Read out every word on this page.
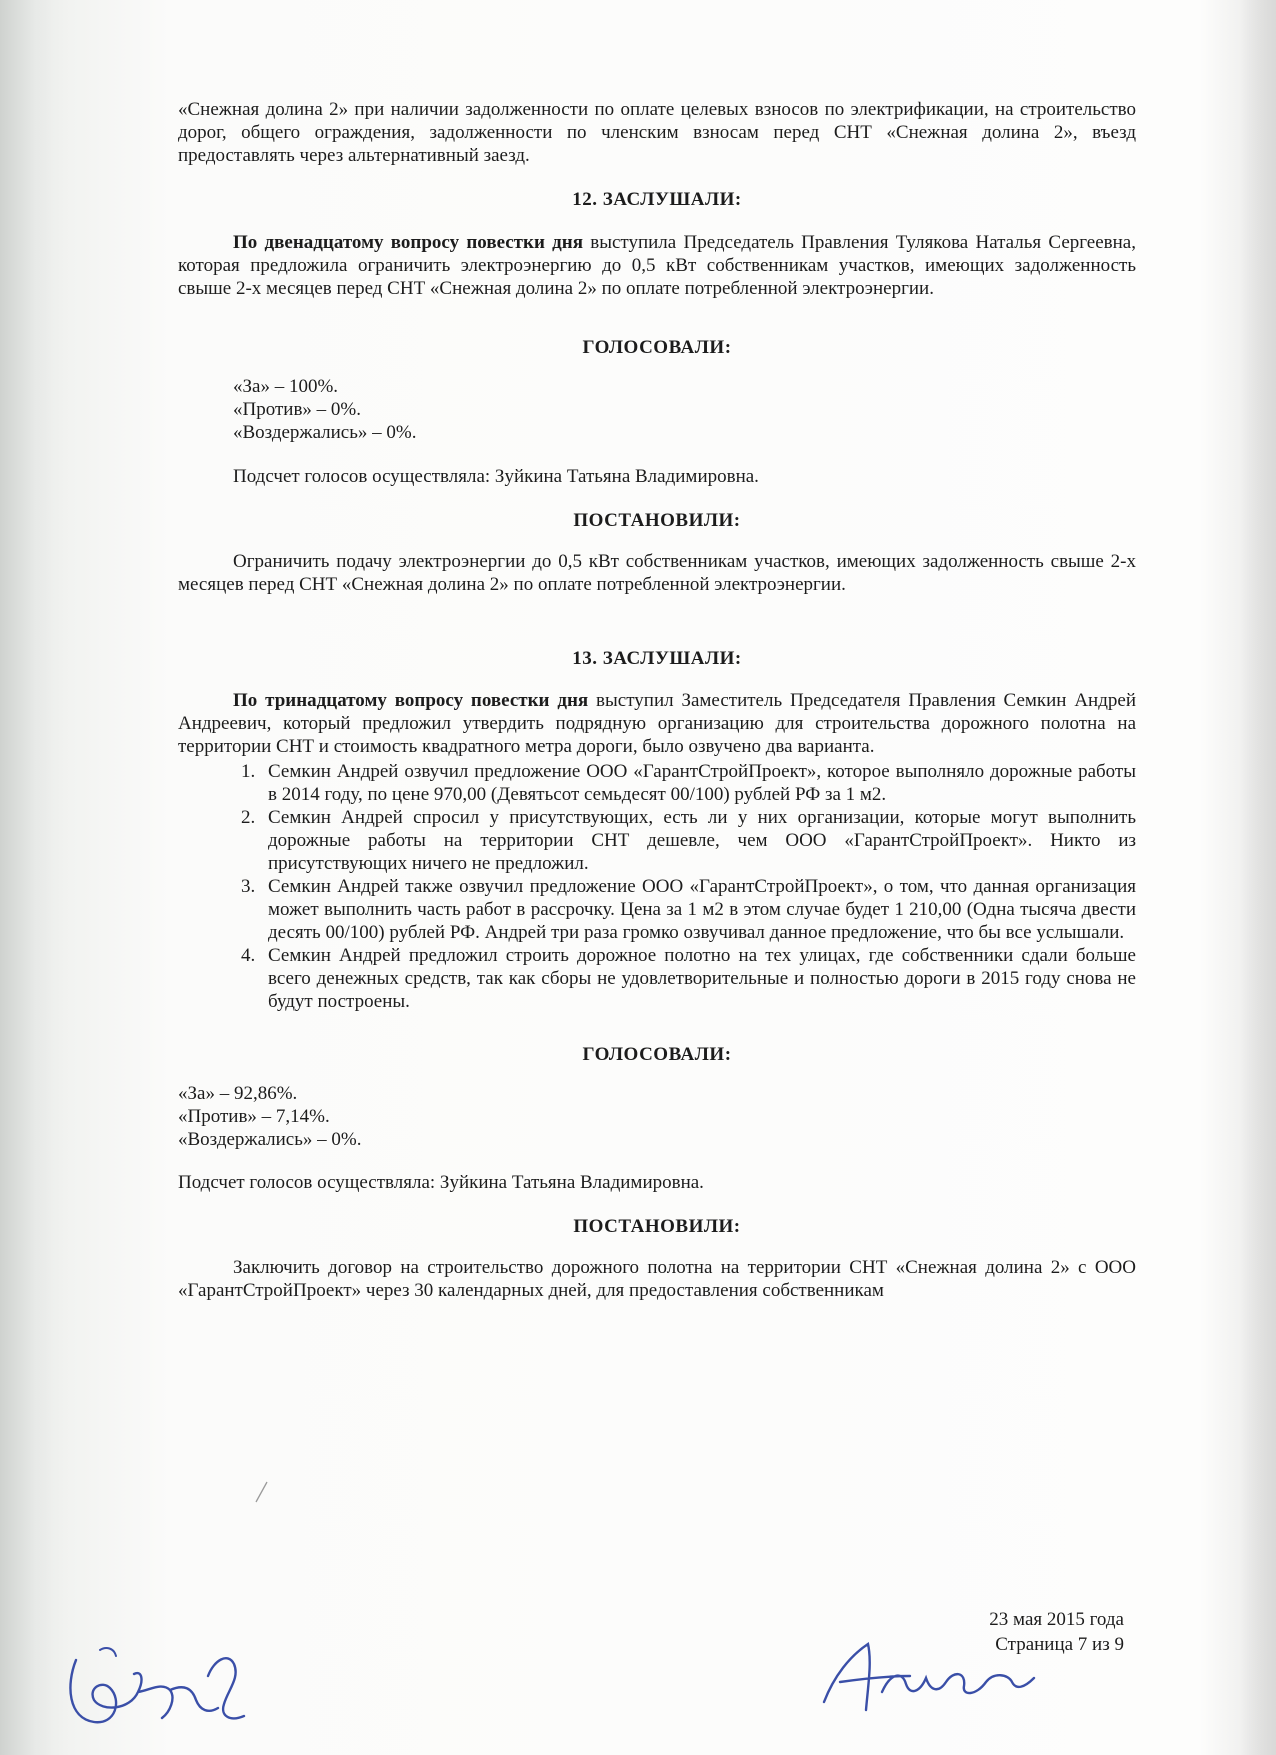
«Снежная долина 2» при наличии задолженности по оплате целевых взносов по электрификации, на строительство дорог, общего ограждения, задолженности по членским взносам перед СНТ «Снежная долина 2», въезд предоставлять через альтернативный заезд.

12. ЗАСЛУШАЛИ:

По двенадцатому вопросу повестки дня выступила Председатель Правления Тулякова Наталья Сергеевна, которая предложила ограничить электроэнергию до 0,5 кВт собственникам участков, имеющих задолженность свыше 2-х месяцев перед СНТ «Снежная долина 2» по оплате потребленной электроэнергии.

ГОЛОСОВАЛИ:

«За» – 100%.

«Против» – 0%.

«Воздержались» – 0%.

Подсчет голосов осуществляла: Зуйкина Татьяна Владимировна.

ПОСТАНОВИЛИ:

Ограничить подачу электроэнергии до 0,5 кВт собственникам участков, имеющих задолженность свыше 2-х месяцев перед СНТ «Снежная долина 2» по оплате потребленной электроэнергии.

13. ЗАСЛУШАЛИ:

По тринадцатому вопросу повестки дня выступил Заместитель Председателя Правления Семкин Андрей Андреевич, который предложил утвердить подрядную организацию для строительства дорожного полотна на территории СНТ и стоимость квадратного метра дороги, было озвучено два варианта.

1. Семкин Андрей озвучил предложение ООО «ГарантСтройПроект», которое выполняло дорожные работы в 2014 году, по цене 970,00 (Девятьсот семьдесят 00/100) рублей РФ за 1 м2.
2. Семкин Андрей спросил у присутствующих, есть ли у них организации, которые могут выполнить дорожные работы на территории СНТ дешевле, чем ООО «ГарантСтройПроект». Никто из присутствующих ничего не предложил.
3. Семкин Андрей также озвучил предложение ООО «ГарантСтройПроект», о том, что данная организация может выполнить часть работ в рассрочку. Цена за 1 м2 в этом случае будет 1 210,00 (Одна тысяча двести десять 00/100) рублей РФ. Андрей три раза громко озвучивал данное предложение, что бы все услышали.
4. Семкин Андрей предложил строить дорожное полотно на тех улицах, где собственники сдали больше всего денежных средств, так как сборы не удовлетворительные и полностью дороги в 2015 году снова не будут построены.

ГОЛОСОВАЛИ:

«За» – 92,86%.

«Против» – 7,14%.

«Воздержались» – 0%.

Подсчет голосов осуществляла: Зуйкина Татьяна Владимировна.

ПОСТАНОВИЛИ:

Заключить договор на строительство дорожного полотна на территории СНТ «Снежная долина 2» с ООО «ГарантСтройПроект» через 30 календарных дней, для предоставления собственникам

23 мая 2015 года

Страница 7 из 9
